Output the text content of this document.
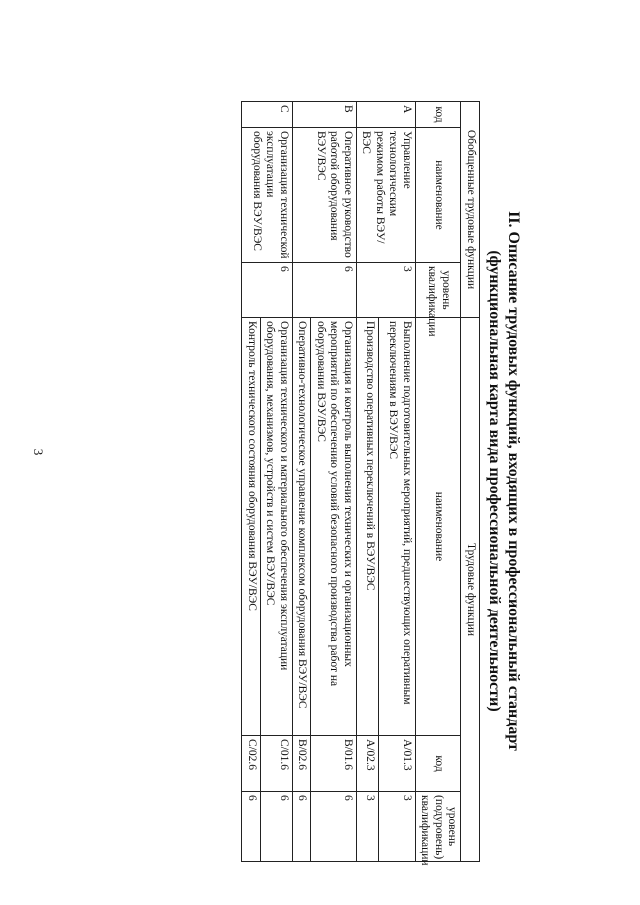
3	II. Описание трудовых функций, входящих в профессиональный стандарт
(функциональная карта вида профессиональной деятельности)
Обобщенные трудовые функции			Трудовые функции		
код	наименование	уровень квалификации	наименование	код	уровень (подуровень) квалификации
A	Управление технологическим режимом работы ВЭУ/ВЭС	3	Выполнение подготовительных мероприятий, предшествующих оперативным переключениям в ВЭУ/ВЭС	A/01.3	3
			Производство оперативных переключений в ВЭУ/ВЭС	A/02.3	3
B	Оперативное руководство работой оборудования ВЭУ/ВЭС	6	Организация и контроль выполнения технических и организационных мероприятий по обеспечению условий безопасного производства работ на оборудовании ВЭУ/ВЭС	B/01.6	6
			Оперативно-технологическое управление комплексом оборудования ВЭУ/ВЭС	B/02.6	6
C	Организация технической эксплуатации оборудования ВЭУ/ВЭС	6	Организация технического и материального обеспечения эксплуатации оборудования, механизмов, устройств и систем ВЭУ/ВЭС	C/01.6	6
			Контроль технического состояния оборудования ВЭУ/ВЭС	C/02.6	6
